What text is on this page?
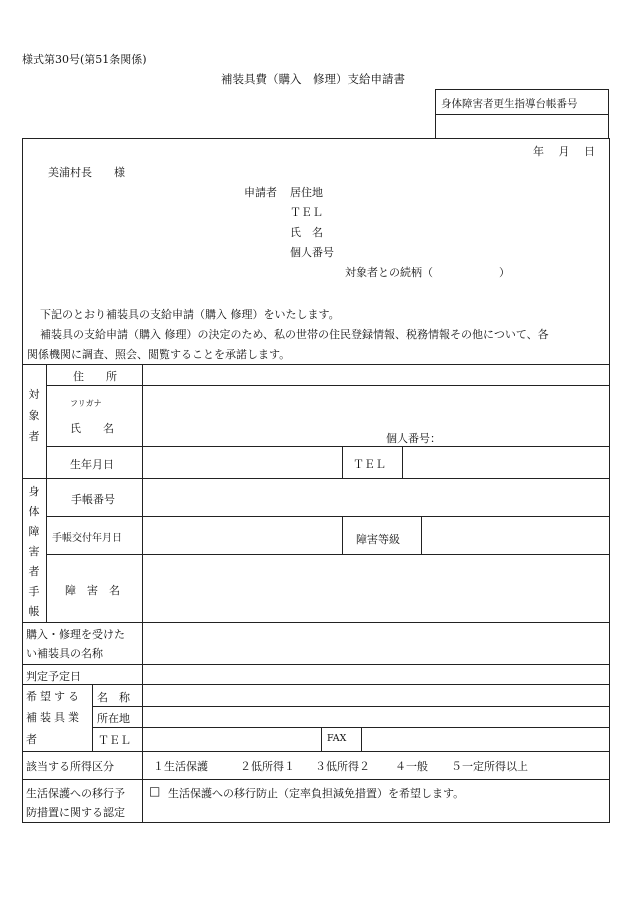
様式第30号(第51条関係)
補装具費（購入　修理）支給申請書
身体障害者更生指導台帳番号
年　 月　 日
美浦村長　　様
申請者 居住地
ＴＥＬ
氏　名
個人番号
対象者との続柄（　　　　　　）
下記のとおり補装具の支給申請（購入 修理）をいたします。
補装具の支給申請（購入 修理）の決定のため、私の世帯の住民登録情報、税務情報その他について、各
関係機関に調査、照会、閲覧することを承諾します。
対
象
者
住　　所
フリガナ
氏　　名
個人番号：
生年月日	ＴＥＬ
身
体
障
害
者
手
帳
手帳番号
手帳交付年月日	障害等級
障　害　名
購入・修理を受けた
い補装具の名称
判定予定日
希望する
補装具業
者
名　称
所在地
ＴＥＬ	FAX
該当する所得区分	１生活保護	２低所得１ ３低所得２ ４一般 ５一定所得以上
生活保護への移行予
防措置に関する認定
□ 生活保護への移行防止（定率負担減免措置）を希望します。
